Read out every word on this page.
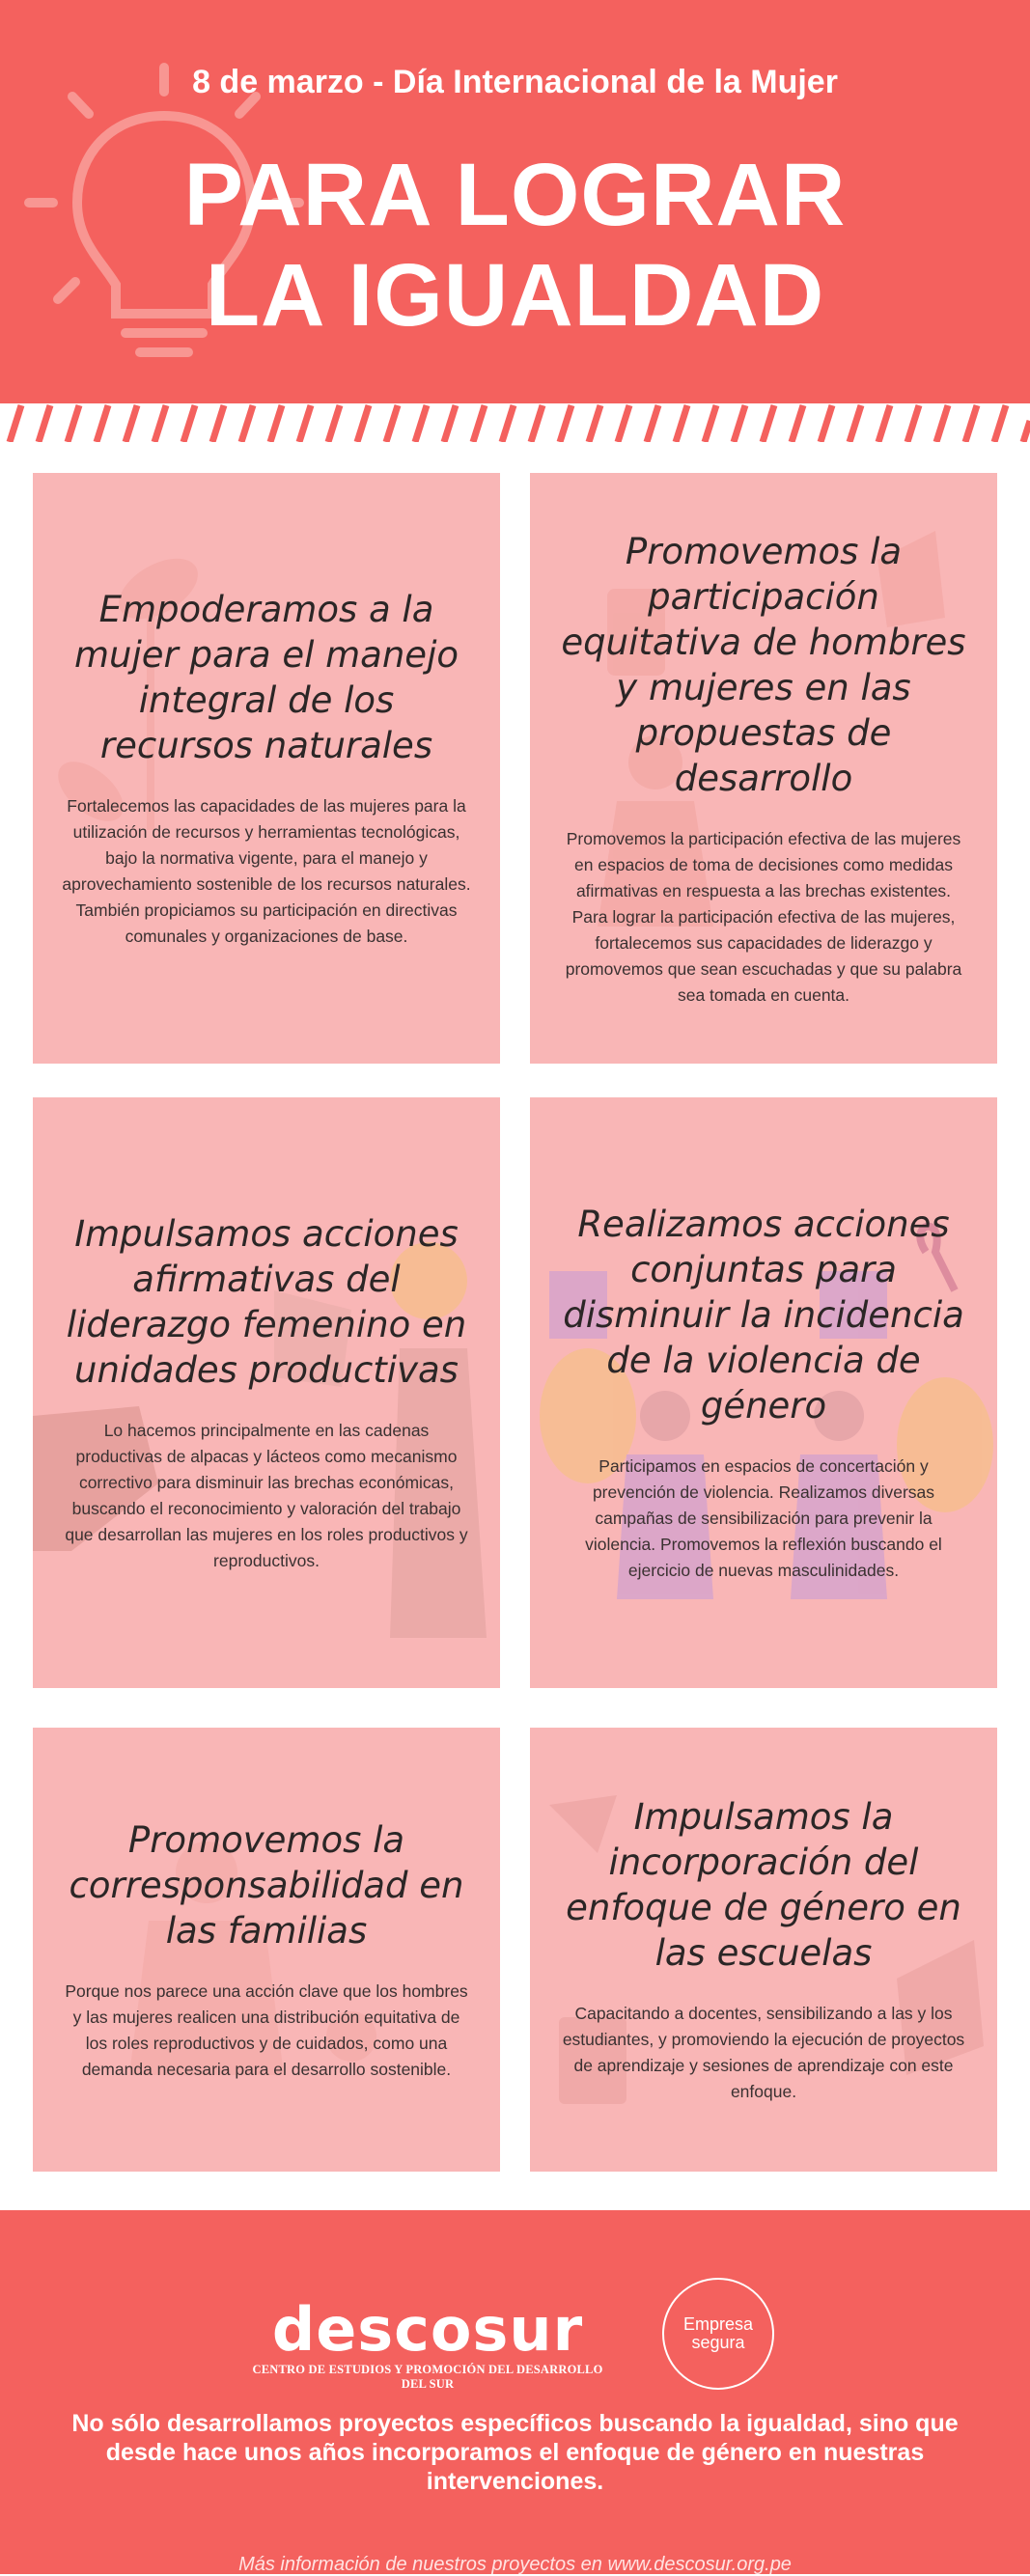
8 de marzo - Día Internacional de la Mujer
PARA LOGRAR
LA IGUALDAD

Empoderamos a la mujer para el manejo integral de los recursos naturales

Fortalecemos las capacidades de las mujeres para la utilización de recursos y herramientas tecnológicas, bajo la normativa vigente, para el manejo y aprovechamiento sostenible de los recursos naturales. También propiciamos su participación en directivas comunales y organizaciones de base.

Promovemos la participación equitativa de hombres y mujeres en las propuestas de desarrollo

Promovemos la participación efectiva de las mujeres en espacios de toma de decisiones como medidas afirmativas en respuesta a las brechas existentes. Para lograr la participación efectiva de las mujeres, fortalecemos sus capacidades de liderazgo y promovemos que sean escuchadas y que su palabra sea tomada en cuenta.

Impulsamos acciones afirmativas del liderazgo femenino en unidades productivas

Lo hacemos principalmente en las cadenas productivas de alpacas y lácteos como mecanismo correctivo para disminuir las brechas económicas, buscando el reconocimiento y valoración del trabajo que desarrollan las mujeres en los roles productivos y reproductivos.

Realizamos acciones conjuntas para disminuir la incidencia de la violencia de género

Participamos en espacios de concertación y prevención de violencia. Realizamos diversas campañas de sensibilización para prevenir la violencia. Promovemos la reflexión buscando el ejercicio de nuevas masculinidades.

Promovemos la corresponsabilidad en las familias

Porque nos parece una acción clave que los hombres y las mujeres realicen una distribución equitativa de los roles reproductivos y de cuidados, como una demanda necesaria para el desarrollo sostenible.

Impulsamos la incorporación del enfoque de género en las escuelas

Capacitando a docentes, sensibilizando a las y los estudiantes, y promoviendo la ejecución de proyectos de aprendizaje y sesiones de aprendizaje con este enfoque.

descosur
CENTRO DE ESTUDIOS Y PROMOCIÓN DEL DESARROLLO DEL SUR
Empresa
segura
No sólo desarrollamos proyectos específicos buscando la igualdad, sino que desde hace unos años incorporamos el enfoque de género en nuestras intervenciones.
Más información de nuestros proyectos en www.descosur.org.pe
